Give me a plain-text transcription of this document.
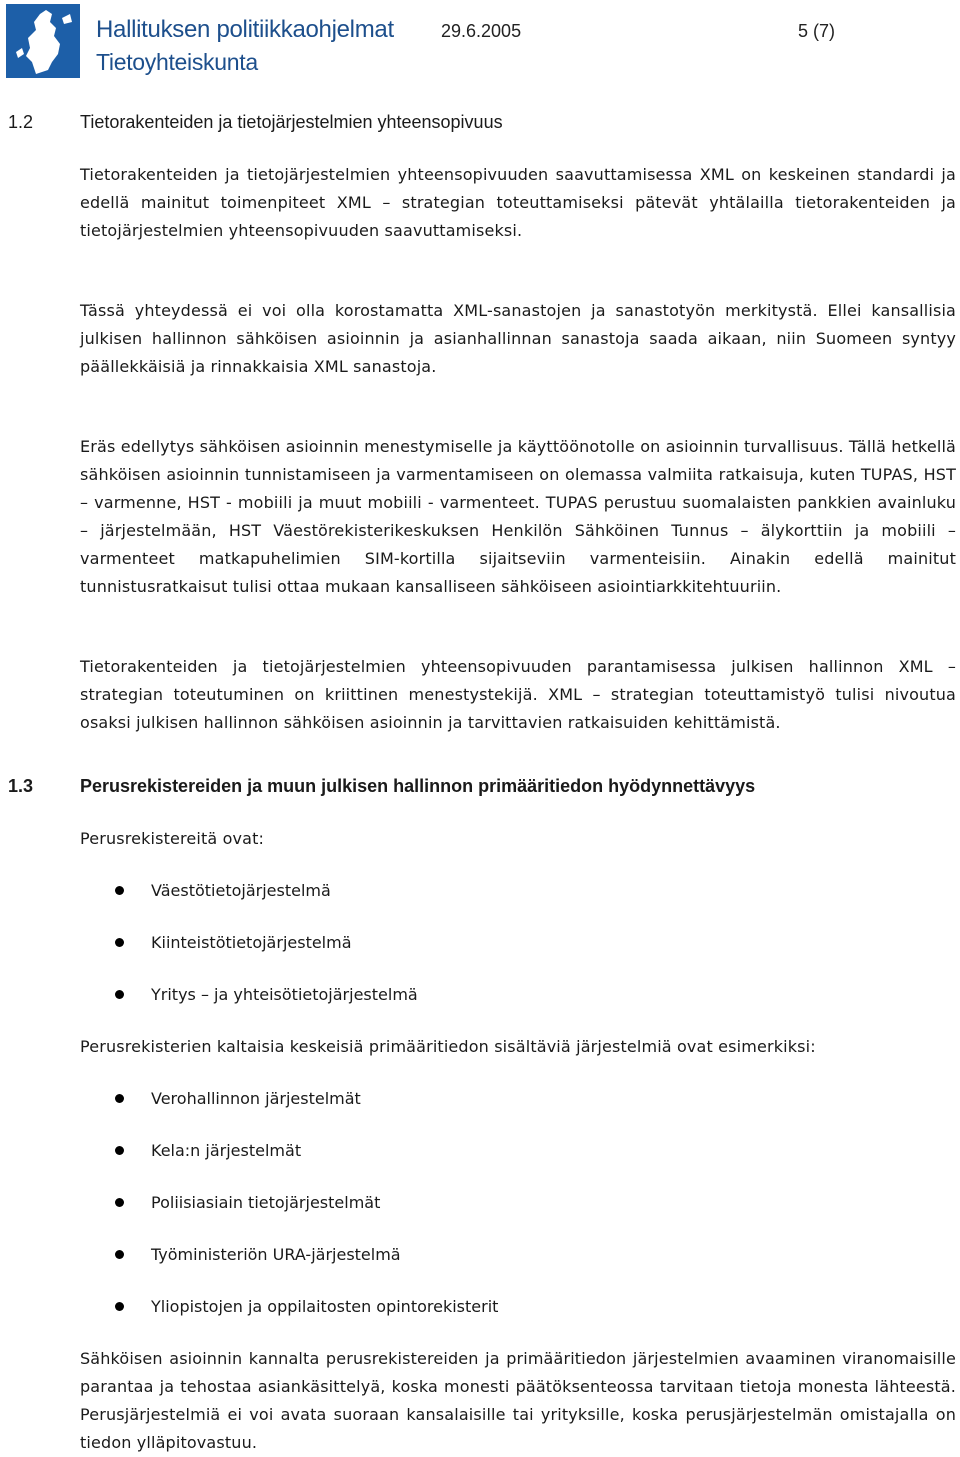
Hallituksen politiikkaohjelmat
Tietoyhteiskunta
29.6.2005	5 (7)
1.2	Tietorakenteiden ja tietojärjestelmien yhteensopivuus
Tietorakenteiden ja tietojärjestelmien yhteensopivuuden saavuttamisessa XML on keskeinen standardi ja edellä mainitut toimenpiteet XML – strategian toteuttamiseksi pätevät yhtälailla tietorakenteiden ja tietojärjestelmien yhteensopivuuden saavuttamiseksi.
Tässä yhteydessä ei voi olla korostamatta XML-sanastojen ja sanastotyön merkitystä. Ellei kansallisia julkisen hallinnon sähköisen asioinnin ja asianhallinnan sanastoja saada aikaan, niin Suomeen syntyy päällekkäisiä ja rinnakkaisia XML sanastoja.
Eräs edellytys sähköisen asioinnin menestymiselle ja käyttöönotolle on asioinnin turvallisuus. Tällä hetkellä sähköisen asioinnin tunnistamiseen ja varmentamiseen on olemassa valmiita ratkaisuja, kuten TUPAS, HST – varmenne, HST - mobiili ja muut mobiili - varmenteet. TUPAS perustuu suomalaisten pankkien avainluku – järjestelmään, HST Väestörekisterikeskuksen Henkilön Sähköinen Tunnus – älykorttiin ja mobiili – varmenteet matkapuhelimien SIM-kortilla sijaitseviin varmenteisiin. Ainakin edellä mainitut tunnistusratkaisut tulisi ottaa mukaan kansalliseen sähköiseen asiointiarkkitehtuuriin.
Tietorakenteiden ja tietojärjestelmien yhteensopivuuden parantamisessa julkisen hallinnon XML – strategian toteutuminen on kriittinen menestystekijä. XML – strategian toteuttamistyö tulisi nivoutua osaksi julkisen hallinnon sähköisen asioinnin ja tarvittavien ratkaisuiden kehittämistä.
1.3	Perusrekistereiden ja muun julkisen hallinnon primääritiedon hyödynnettävyys
Perusrekistereitä ovat:
Väestötietojärjestelmä
Kiinteistötietojärjestelmä
Yritys – ja yhteisötietojärjestelmä
Perusrekisterien kaltaisia keskeisiä primääritiedon sisältäviä järjestelmiä ovat esimerkiksi:
Verohallinnon järjestelmät
Kela:n järjestelmät
Poliisiasiain tietojärjestelmät
Työministeriön URA-järjestelmä
Yliopistojen ja oppilaitosten opintorekisterit
Sähköisen asioinnin kannalta perusrekistereiden ja primääritiedon järjestelmien avaaminen viranomaisille parantaa ja tehostaa asiankäsittelyä, koska monesti päätöksenteossa tarvitaan tietoja monesta lähteestä. Perusjärjestelmiä ei voi avata suoraan kansalaisille tai yrityksille, koska perusjärjestelmän omistajalla on tiedon ylläpitovastuu.
